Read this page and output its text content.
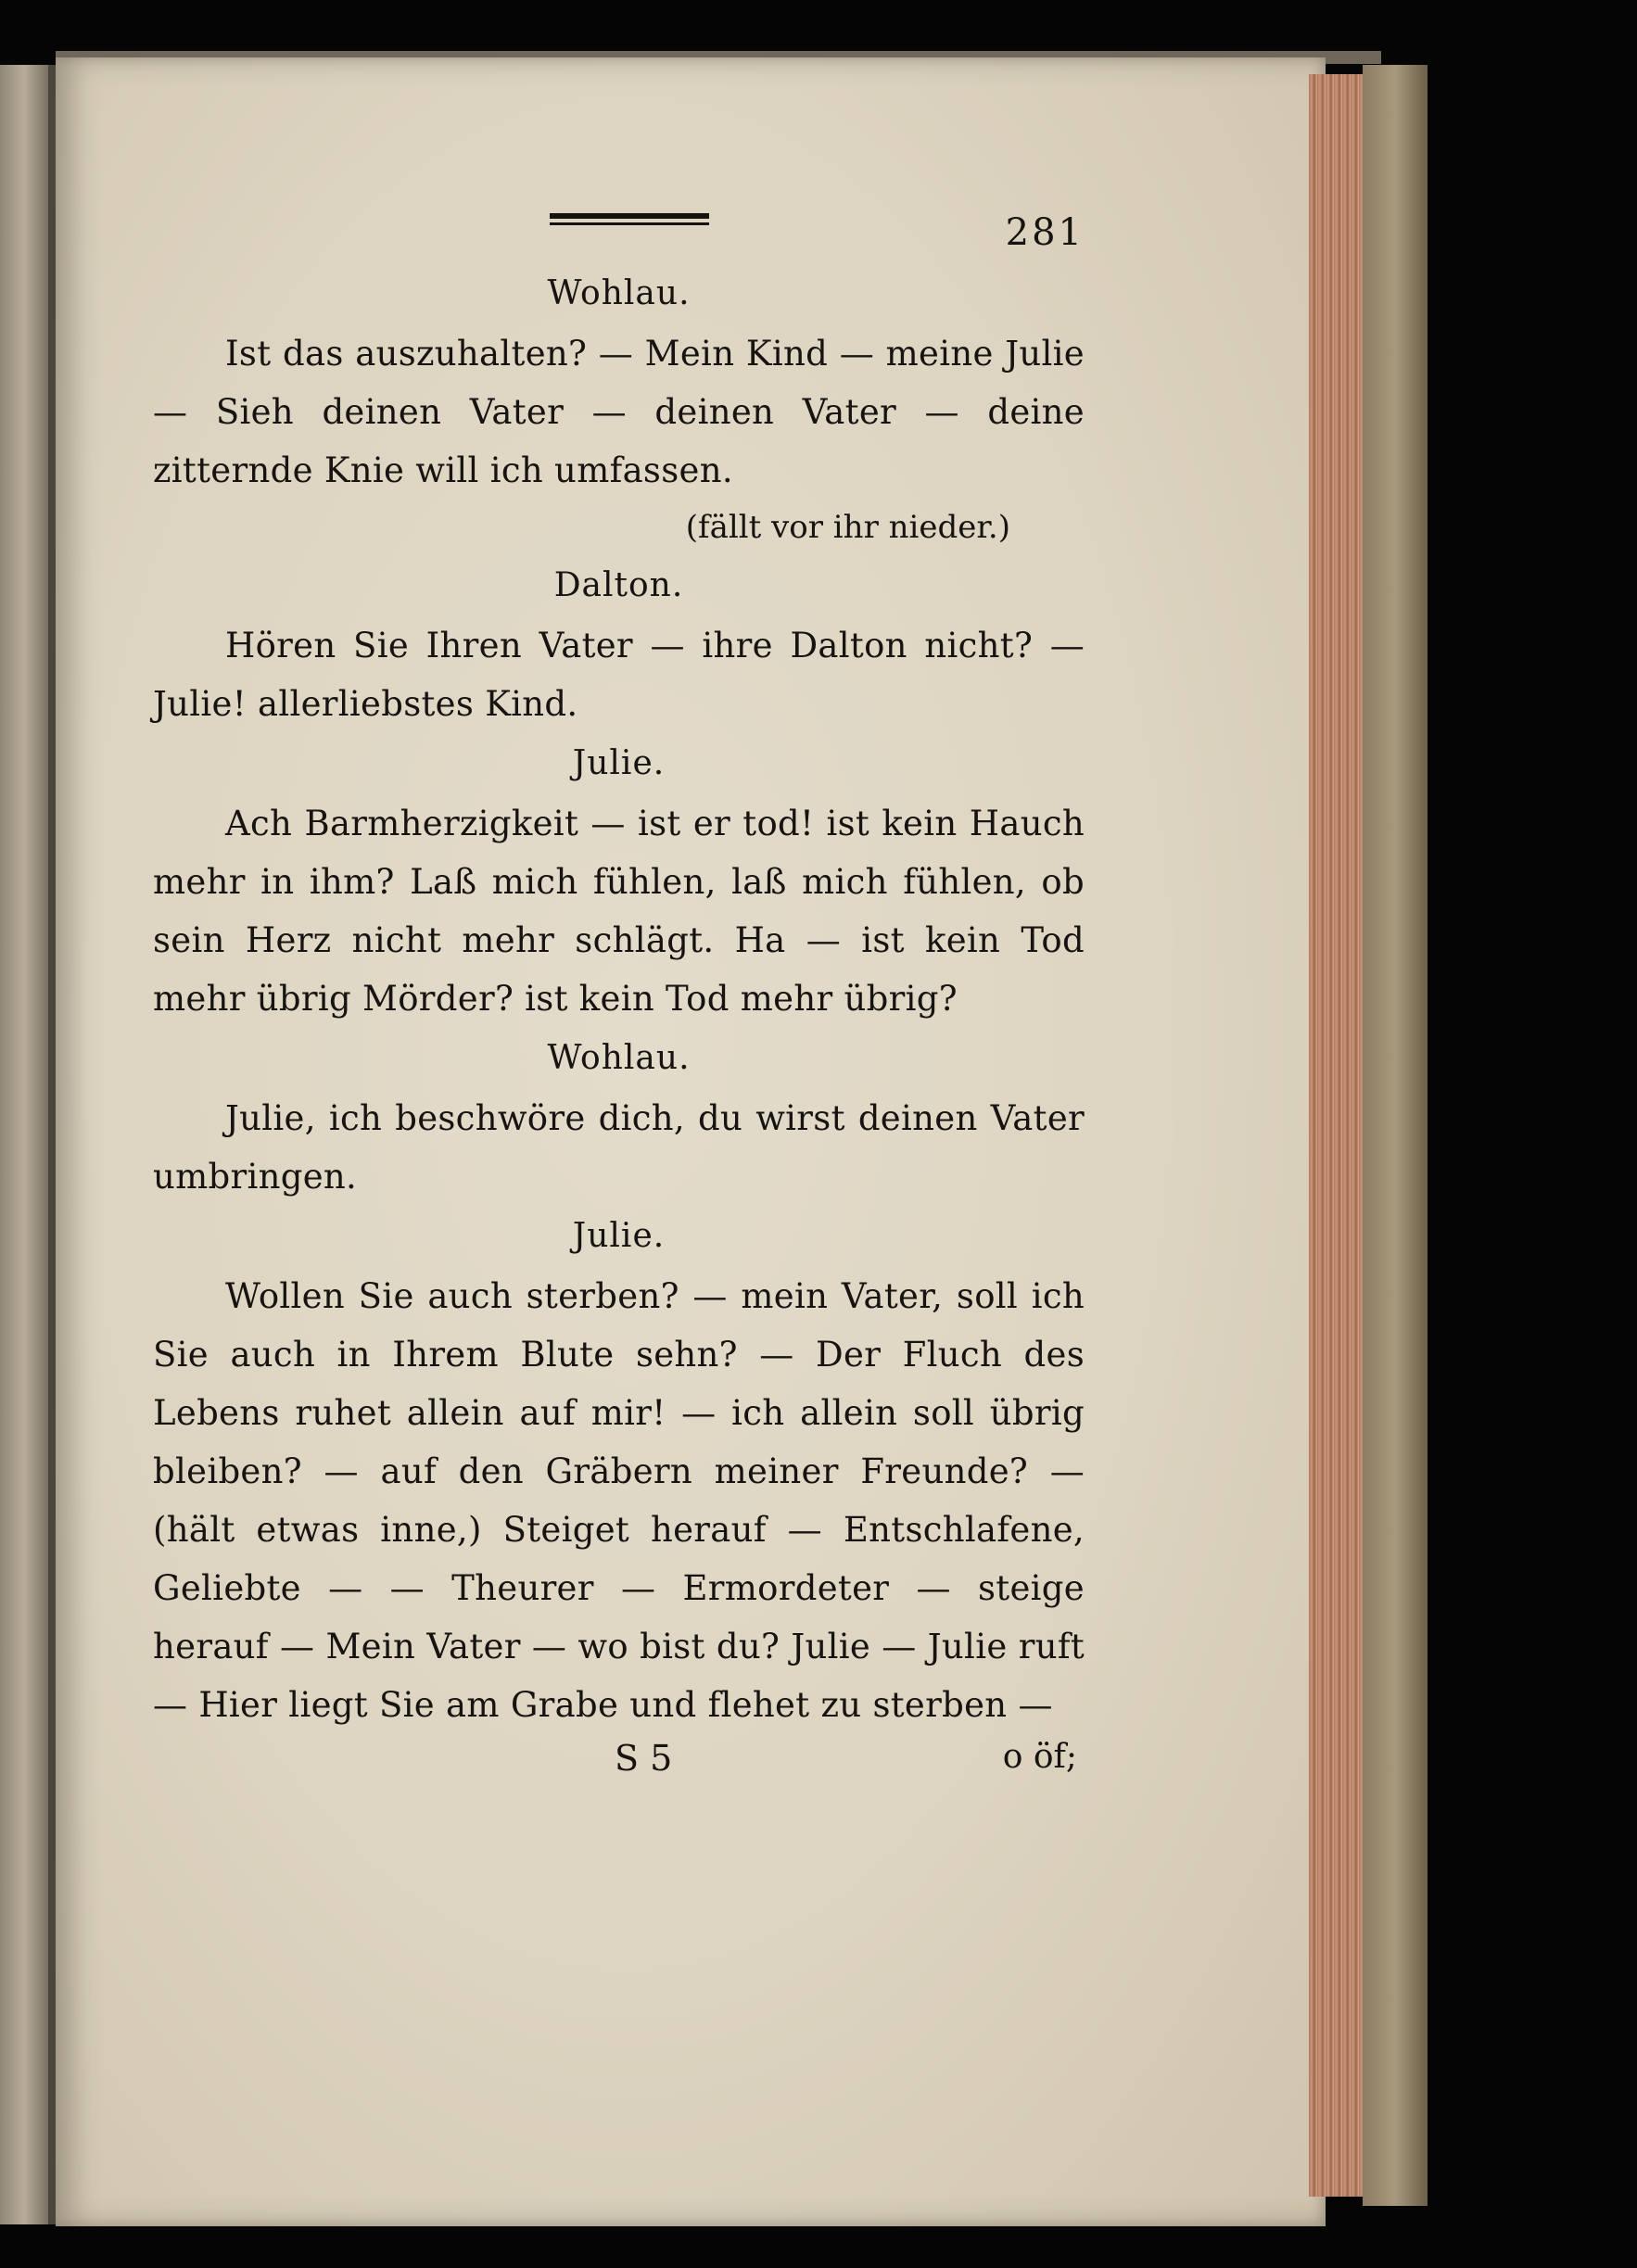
281
Wohlau.

Ist das auszuhalten? — Mein Kind — meine Julie — Sieh deinen Vater — deinen Vater — deine zitternde Knie will ich umfassen.

(fällt vor ihr nieder.)
Dalton.

Hören Sie Ihren Vater — ihre Dalton nicht? — Julie! allerliebstes Kind.

Julie.

Ach Barmherzigkeit — ist er tod! ist kein Hauch mehr in ihm? Laß mich fühlen, laß mich fühlen, ob sein Herz nicht mehr schlägt. Ha — ist kein Tod mehr übrig Mörder? ist kein Tod mehr übrig?

Wohlau.

Julie, ich beschwöre dich, du wirst deinen Vater umbringen.

Julie.

Wollen Sie auch sterben? — mein Vater, soll ich Sie auch in Ihrem Blute sehn? — Der Fluch des Lebens ruhet allein auf mir! — ich allein soll übrig bleiben? — auf den Gräbern meiner Freunde? — (hält etwas inne,) Steiget herauf — Entschlafene, Geliebte — — Theurer — Ermordeter — steige herauf — Mein Vater — wo bist du? Julie — Julie ruft — Hier liegt Sie am Grabe und flehet zu sterben —

S 5	o öf;
